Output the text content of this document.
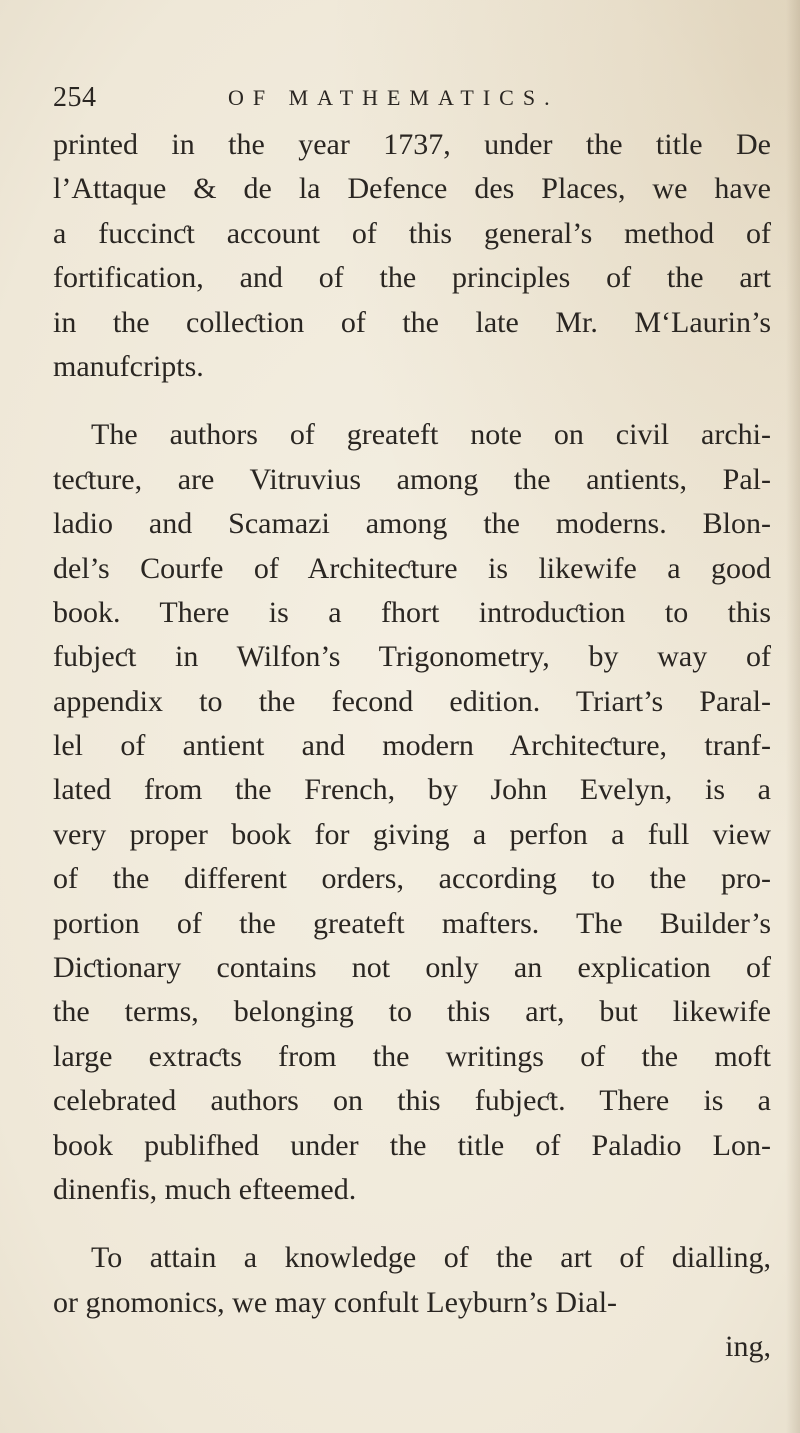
254	OF MATHEMATICS.
printed in the year 1737, under the title De
l’Attaque & de la Defence des Places, we have
a fuccinƈt account of this general’s method of
fortification, and of the principles of the art
in the colleƈtion of the late Mr. M‘Laurin’s
manufcripts.
The authors of greateft note on civil archi-
teƈture, are Vitruvius among the antients, Pal-
ladio and Scamazi among the moderns. Blon-
del’s Courfe of Architeƈture is likewife a good
book. There is a fhort introduƈtion to this
fubjeƈt in Wilfon’s Trigonometry, by way of
appendix to the fecond edition. Triart’s Paral-
lel of antient and modern Architeƈture, tranf-
lated from the French, by John Evelyn, is a
very proper book for giving a perfon a full view
of the different orders, according to the pro-
portion of the greateft mafters. The Builder’s
Diƈtionary contains not only an explication of
the terms, belonging to this art, but likewife
large extraƈts from the writings of the moft
celebrated authors on this fubjeƈt. There is a
book publifhed under the title of Paladio Lon-
dinenfis, much efteemed.
To attain a knowledge of the art of dialling,
or gnomonics, we may confult Leyburn’s Dial-
ing,
